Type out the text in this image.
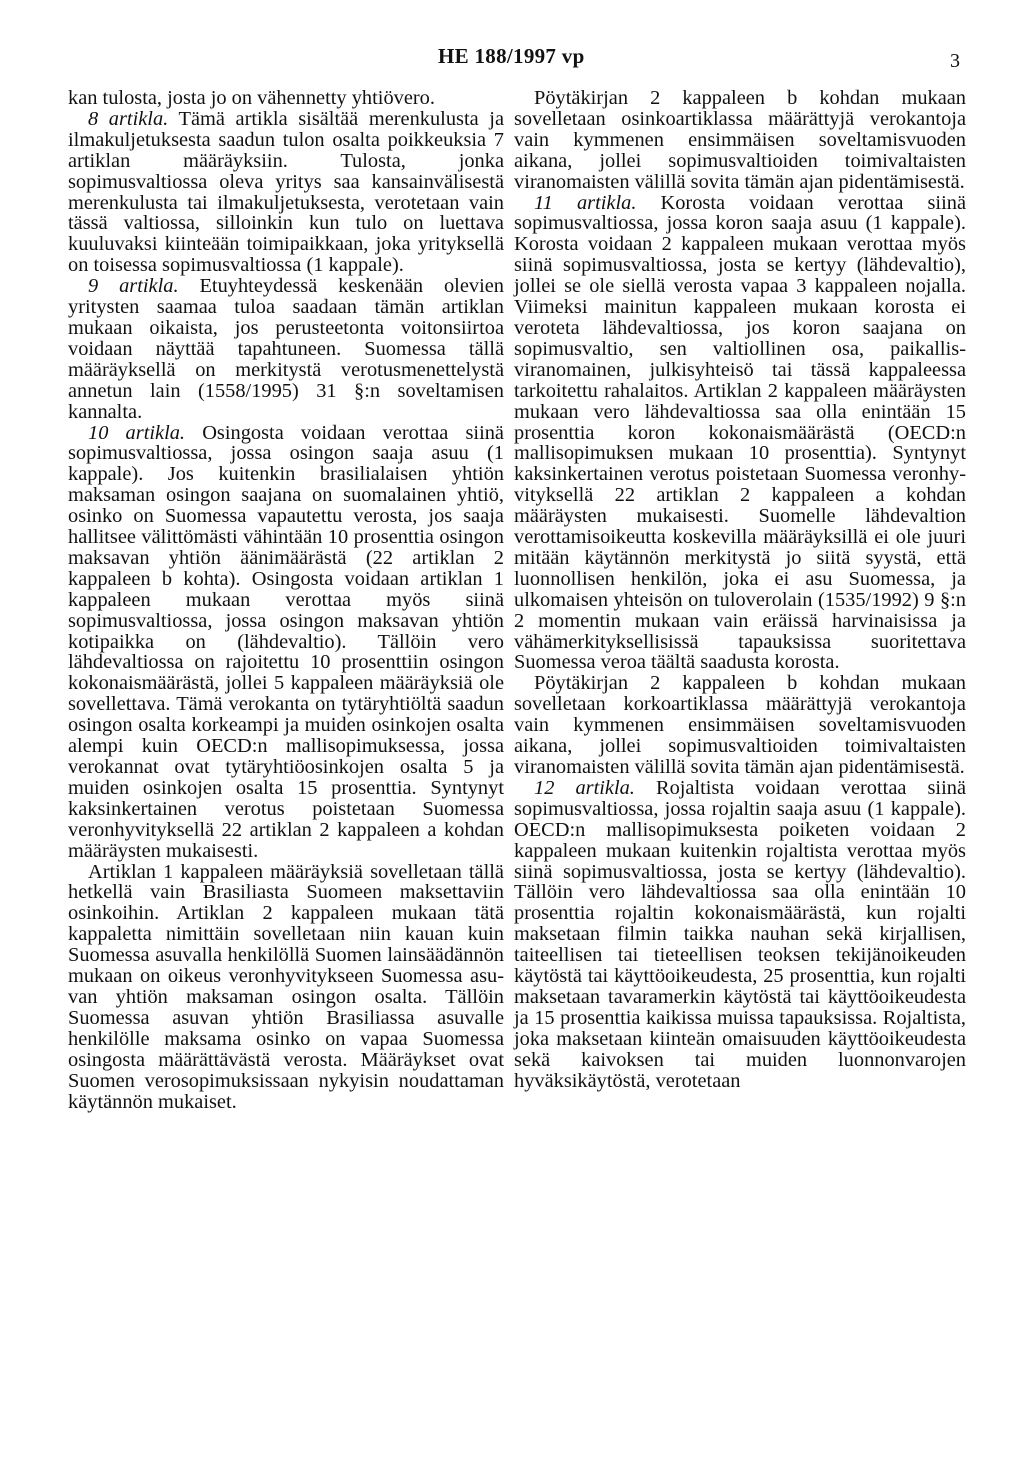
HE 188/1997 vp	3

kan tulosta, josta jo on vähennetty yhtiövero.

8 artikla. Tämä artikla sisältää merenkulusta ja ilmakuljetuksesta saadun tulon osalta poikkeuksia 7 artiklan määräyksiin. Tulosta, jonka sopimusvaltiossa oleva yritys saa kansainvälisestä merenkulusta tai ilmakuljetuksesta, verotetaan vain tässä valtiossa, silloinkin kun tulo on luettava kuuluvaksi kiinteään toimipaikkaan, joka yrityksellä on toisessa sopimusvaltiossa (1 kappale).

9 artikla. Etuyhteydessä keskenään olevien yritysten saamaa tuloa saadaan tämän artiklan mukaan oikaista, jos perusteetonta voitonsiirtoa voidaan näyttää tapahtuneen. Suomessa tällä määräyksellä on merkitystä verotusmenettelystä annetun lain (1558/1995) 31 §:n soveltamisen kannalta.

10 artikla. Osingosta voidaan verottaa siinä sopimusvaltiossa, jossa osingon saaja asuu (1 kappale). Jos kuitenkin brasilialaisen yhtiön maksaman osingon saajana on suomalainen yhtiö, osinko on Suomessa vapautettu verosta, jos saaja hallitsee välittömästi vähintään 10 prosenttia osingon maksavan yhtiön äänimäärästä (22 artiklan 2 kappaleen b kohta). Osingosta voidaan artiklan 1 kappaleen mukaan verottaa myös siinä sopimusvaltiossa, jossa osingon maksavan yhtiön kotipaikka on (lähdevaltio). Tällöin vero lähdevaltiossa on rajoitettu 10 prosenttiin osingon kokonaismäärästä, jollei 5 kappaleen määräyksiä ole sovellettava. Tämä verokanta on tytäryhtiöltä saadun osingon osalta korkeampi ja muiden osinkojen osalta alempi kuin OECD:n mallisopimuksessa, jossa verokannat ovat tytäryhtiöosinkojen osalta 5 ja muiden osinkojen osalta 15 prosenttia. Syntynyt kaksinkertainen verotus poistetaan Suomessa veronhyvityksellä 22 artiklan 2 kappaleen a kohdan määräysten mukaisesti.

Artiklan 1 kappaleen määräyksiä sovelletaan tällä hetkellä vain Brasiliasta Suomeen maksettaviin osinkoihin. Artiklan 2 kappaleen mukaan tätä kappaletta nimittäin sovelletaan niin kauan kuin Suomessa asuvalla henkilöllä Suomen lainsäädännön mukaan on oikeus veronhyvitykseen Suomessa asuvan yhtiön maksaman osingon osalta. Tällöin Suomessa asuvan yhtiön Brasiliassa asuvalle henkilölle maksama osinko on vapaa Suomessa osingosta määrättävästä verosta. Määräykset ovat Suomen verosopimuksissaan nykyisin noudattaman käytännön mukaiset.

Pöytäkirjan 2 kappaleen b kohdan mukaan sovelletaan osinkoartiklassa määrättyjä verokantoja vain kymmenen ensimmäisen soveltamisvuoden aikana, jollei sopimusvaltioiden toimivaltaisten viranomaisten välillä sovita tämän ajan pidentämisestä.

11 artikla. Korosta voidaan verottaa siinä sopimusvaltiossa, jossa koron saaja asuu (1 kappale). Korosta voidaan 2 kappaleen mukaan verottaa myös siinä sopimusvaltiossa, josta se kertyy (lähdevaltio), jollei se ole siellä verosta vapaa 3 kappaleen nojalla. Viimeksi mainitun kappaleen mukaan korosta ei veroteta lähdevaltiossa, jos koron saajana on sopimusvaltio, sen valtiollinen osa, paikallisviranomainen, julkisyhteisö tai tässä kappaleessa tarkoitettu rahalaitos. Artiklan 2 kappaleen määräysten mukaan vero lähdevaltiossa saa olla enintään 15 prosenttia koron kokonaismäärästä (OECD:n mallisopimuksen mukaan 10 prosenttia). Syntynyt kaksinkertainen verotus poistetaan Suomessa veronhyvityksellä 22 artiklan 2 kappaleen a kohdan määräysten mukaisesti. Suomelle lähdevaltion verottamisoikeutta koskevilla määräyksillä ei ole juuri mitään käytännön merkitystä jo siitä syystä, että luonnollisen henkilön, joka ei asu Suomessa, ja ulkomaisen yhteisön on tuloverolain (1535/1992) 9 §:n 2 momentin mukaan vain eräissä harvinaisissa ja vähämerkityksellisissä tapauksissa suoritettava Suomessa veroa täältä saadusta korosta.

Pöytäkirjan 2 kappaleen b kohdan mukaan sovelletaan korkoartiklassa määrättyjä verokantoja vain kymmenen ensimmäisen soveltamisvuoden aikana, jollei sopimusvaltioiden toimivaltaisten viranomaisten välillä sovita tämän ajan pidentämisestä.

12 artikla. Rojaltista voidaan verottaa siinä sopimusvaltiossa, jossa rojaltin saaja asuu (1 kappale). OECD:n mallisopimuksesta poiketen voidaan 2 kappaleen mukaan kuitenkin rojaltista verottaa myös siinä sopimusvaltiossa, josta se kertyy (lähdevaltio). Tällöin vero lähdevaltiossa saa olla enintään 10 prosenttia rojaltin kokonaismäärästä, kun rojalti maksetaan filmin taikka nauhan sekä kirjallisen, taiteellisen tai tieteellisen teoksen tekijänoikeuden käytöstä tai käyttöoikeudesta, 25 prosenttia, kun rojalti maksetaan tavaramerkin käytöstä tai käyttöoikeudesta ja 15 prosenttia kaikissa muissa tapauksissa. Rojaltista, joka maksetaan kiinteän omaisuuden käyttöoikeudesta sekä kaivoksen tai muiden luonnonvarojen hyväksikäytöstä, verotetaan
